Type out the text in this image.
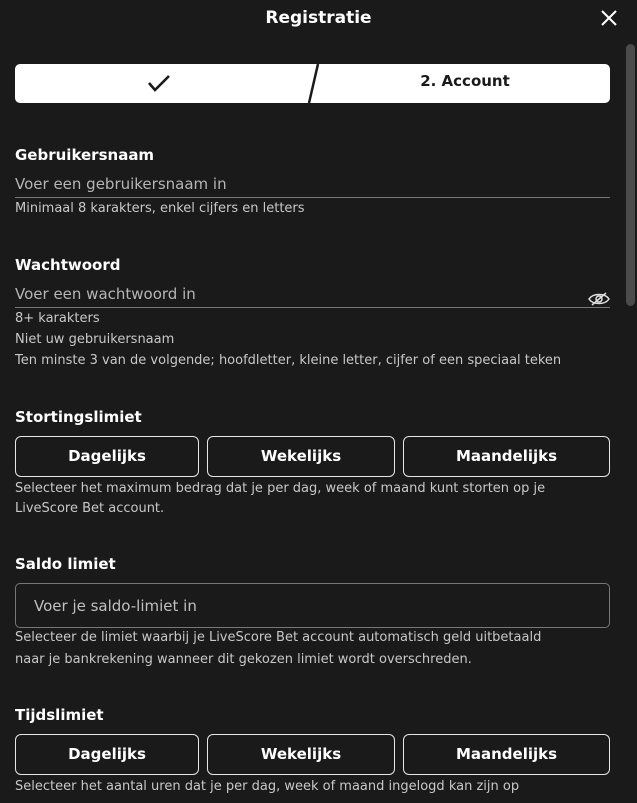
Registratie
2. Account
Gebruikersnaam
Voer een gebruikersnaam in
Minimaal 8 karakters, enkel cijfers en letters
Wachtwoord
8+ karakters
Niet uw gebruikersnaam
Ten minste 3 van de volgende; hoofdletter, kleine letter, cijfer of een speciaal teken
Stortingslimiet
Dagelijks	Wekelijks	Maandelijks
Selecteer het maximum bedrag dat je per dag, week of maand kunt storten op je
LiveScore Bet account.
Saldo limiet
Voer je saldo-limiet in
Selecteer de limiet waarbij je LiveScore Bet account automatisch geld uitbetaald
naar je bankrekening wanneer dit gekozen limiet wordt overschreden.
Tijdslimiet
Dagelijks	Wekelijks	Maandelijks
Selecteer het aantal uren dat je per dag, week of maand ingelogd kan zijn op
